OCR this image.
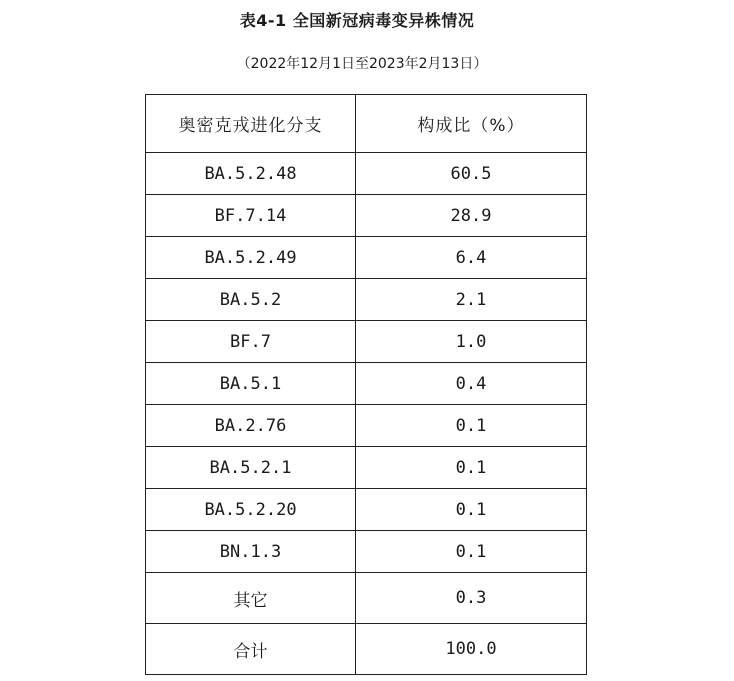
表4-1 全国新冠病毒变异株情况
（2022年12月1日至2023年2月13日）
奥密克戎进化分支	构成比（%）
BA.5.2.48	60.5
BF.7.14	28.9
BA.5.2.49	6.4
BA.5.2	2.1
BF.7	1.0
BA.5.1	0.4
BA.2.76	0.1
BA.5.2.1	0.1
BA.5.2.20	0.1
BN.1.3	0.1
其它	0.3
合计	100.0
